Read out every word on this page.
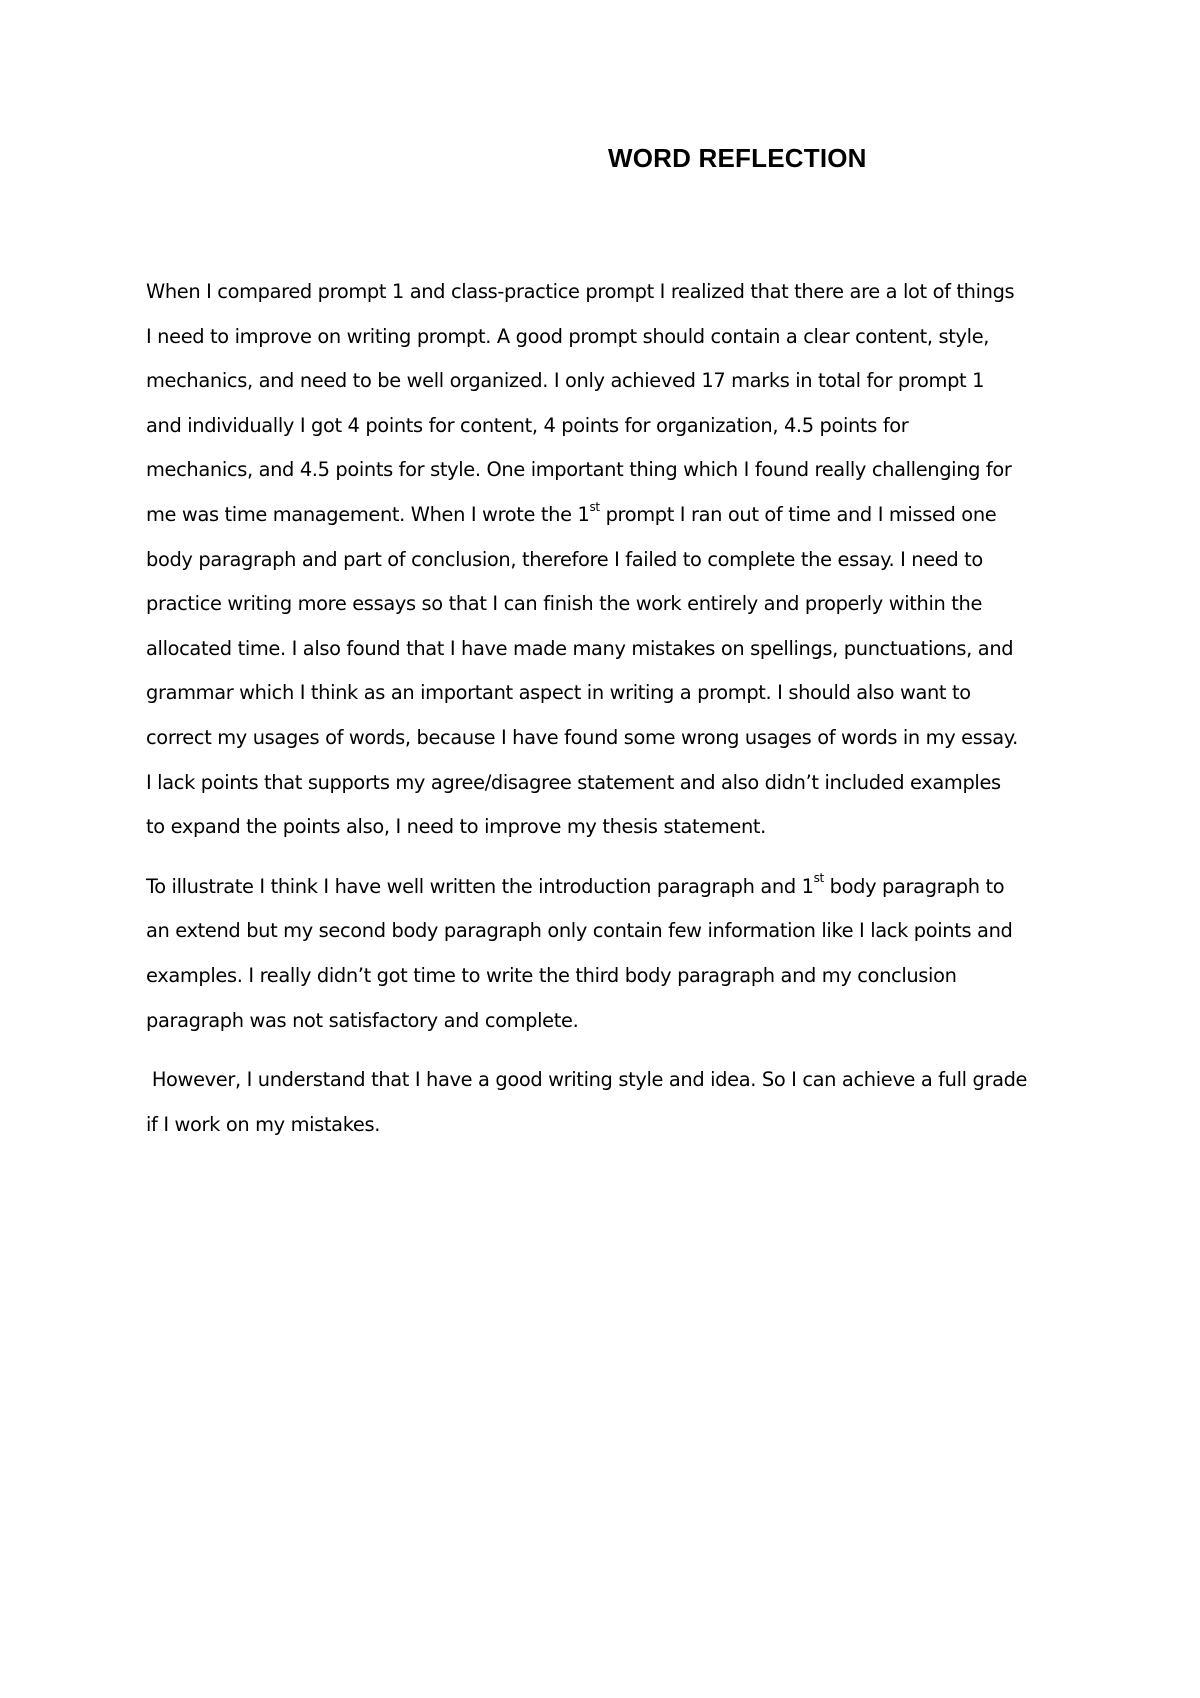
WORD REFLECTION

When I compared prompt 1 and class-practice prompt I realized that there are a lot of things
I need to improve on writing prompt. A good prompt should contain a clear content, style,
mechanics, and need to be well organized. I only achieved 17 marks in total for prompt 1
and individually I got 4 points for content, 4 points for organization, 4.5 points for
mechanics, and 4.5 points for style. One important thing which I found really challenging for
me was time management. When I wrote the 1st prompt I ran out of time and I missed one
body paragraph and part of conclusion, therefore I failed to complete the essay. I need to
practice writing more essays so that I can finish the work entirely and properly within the
allocated time. I also found that I have made many mistakes on spellings, punctuations, and
grammar which I think as an important aspect in writing a prompt. I should also want to
correct my usages of words, because I have found some wrong usages of words in my essay.
I lack points that supports my agree/disagree statement and also didn’t included examples
to expand the points also, I need to improve my thesis statement.

To illustrate I think I have well written the introduction paragraph and 1st body paragraph to
an extend but my second body paragraph only contain few information like I lack points and
examples. I really didn’t got time to write the third body paragraph and my conclusion
paragraph was not satisfactory and complete.

However, I understand that I have a good writing style and idea. So I can achieve a full grade
if I work on my mistakes.
